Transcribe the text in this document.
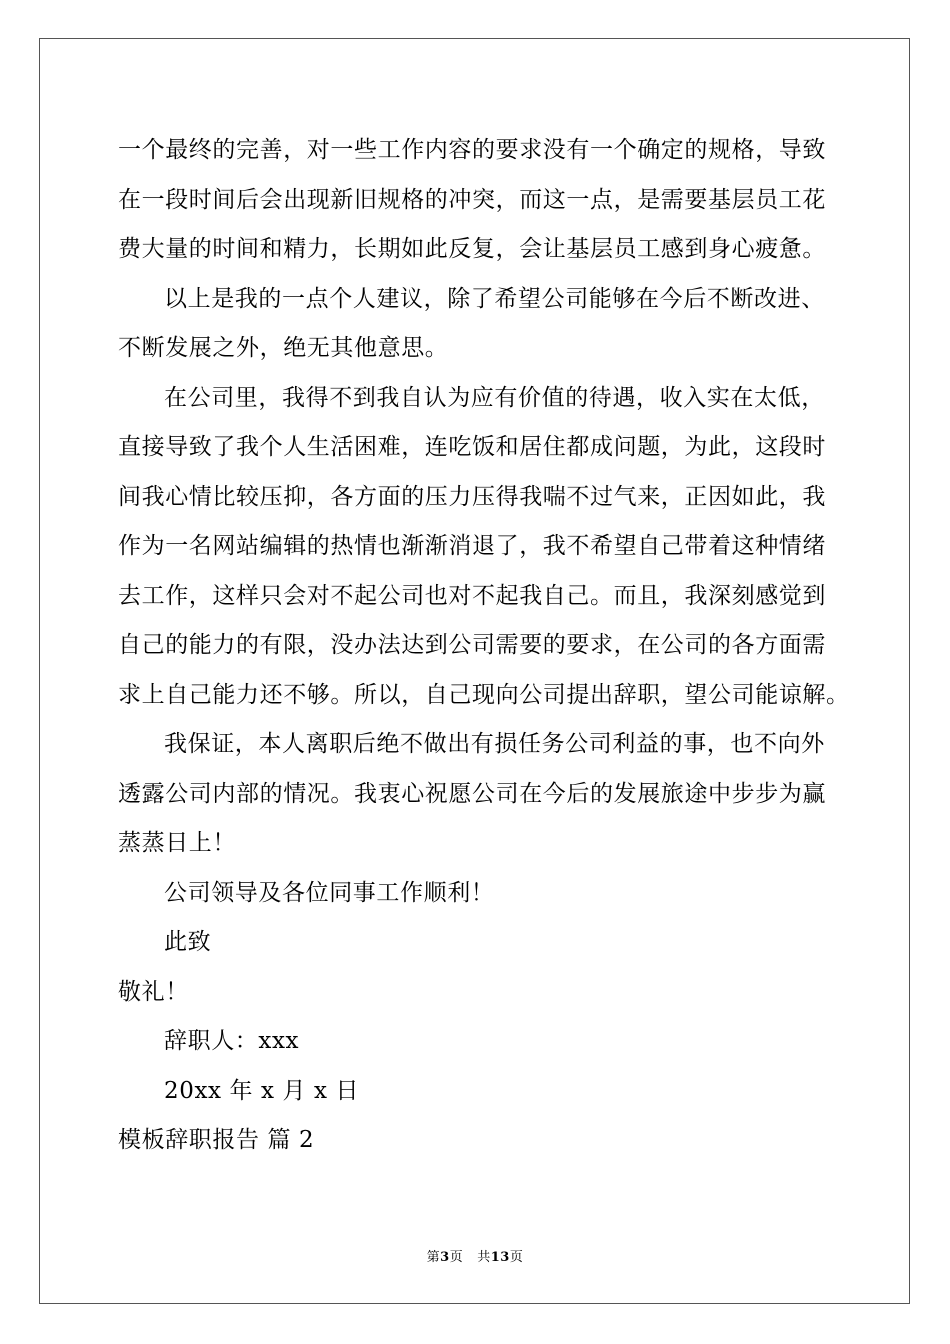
一个最终的完善，对一些工作内容的要求没有一个确定的规格，导致
在一段时间后会出现新旧规格的冲突，而这一点，是需要基层员工花
费大量的时间和精力，长期如此反复，会让基层员工感到身心疲惫。
以上是我的一点个人建议，除了希望公司能够在今后不断改进、
不断发展之外，绝无其他意思。
在公司里，我得不到我自认为应有价值的待遇，收入实在太低，
直接导致了我个人生活困难，连吃饭和居住都成问题，为此，这段时
间我心情比较压抑，各方面的压力压得我喘不过气来，正因如此，我
作为一名网站编辑的热情也渐渐消退了，我不希望自己带着这种情绪
去工作，这样只会对不起公司也对不起我自己。而且，我深刻感觉到
自己的能力的有限，没办法达到公司需要的要求，在公司的各方面需
求上自己能力还不够。所以，自己现向公司提出辞职，望公司能谅解。
我保证，本人离职后绝不做出有损任务公司利益的事，也不向外
透露公司内部的情况。我衷心祝愿公司在今后的发展旅途中步步为赢
蒸蒸日上！
公司领导及各位同事工作顺利！
此致
敬礼！
辞职人：xxx
20xx 年 x 月 x 日
模板辞职报告 篇 2
第3页 共13页
